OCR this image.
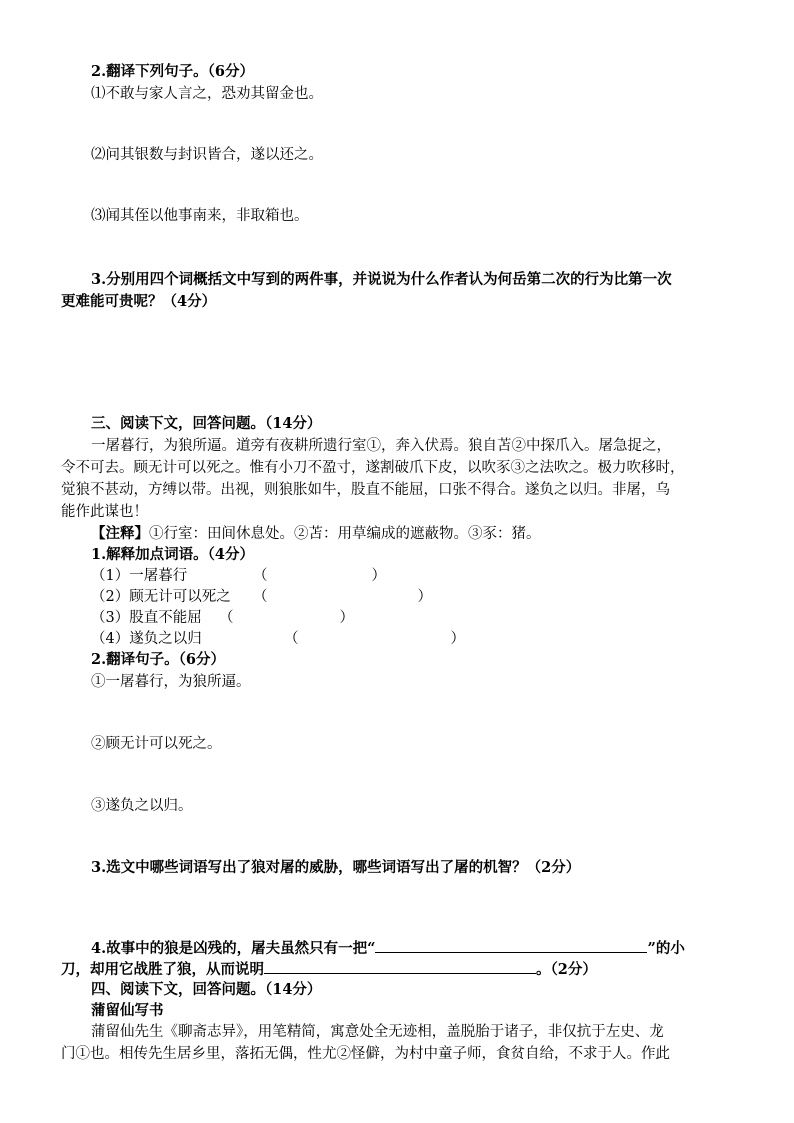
2.翻译下列句子。（6分）
⑴不敢与家人言之，恐劝其留金也。
⑵问其银数与封识皆合，遂以还之。
⑶闻其侄以他事南来，非取箱也。
3.分别用四个词概括文中写到的两件事，并说说为什么作者认为何岳第二次的行为比第一次
更难能可贵呢？（4分）
三、阅读下文，回答问题。（14分）
一屠暮行，为狼所逼。道旁有夜耕所遗行室①，奔入伏焉。狼自苫②中探爪入。屠急捉之，
令不可去。顾无计可以死之。惟有小刀不盈寸，遂割破爪下皮，以吹豕③之法吹之。极力吹移时，
觉狼不甚动，方缚以带。出视，则狼胀如牛，股直不能屈，口张不得合。遂负之以归。非屠，乌
能作此谋也！
【注释】①行室：田间休息处。②苫：用草编成的遮蔽物。③豕：猪。
1.解释加点词语。（4分）
（1）一屠暮行	（	）
（2）顾无计可以死之 （	）
（3）股直不能屈 （	）
（4）遂负之以归	（	）
2.翻译句子。（6分）
①一屠暮行，为狼所逼。
②顾无计可以死之。
③遂负之以归。
3.选文中哪些词语写出了狼对屠的威胁，哪些词语写出了屠的机智？（2分）
4.故事中的狼是凶残的，屠夫虽然只有一把“	”的小
刀，却用它战胜了狼，从而说明	。（2分）
四、阅读下文，回答问题。（14分）
蒲留仙写书
蒲留仙先生《聊斋志异》，用笔精简，寓意处全无迹相，盖脱胎于诸子，非仅抗于左史、龙
门①也。相传先生居乡里，落拓无偶，性尤②怪僻，为村中童子师，食贫自给，不求于人。作此
